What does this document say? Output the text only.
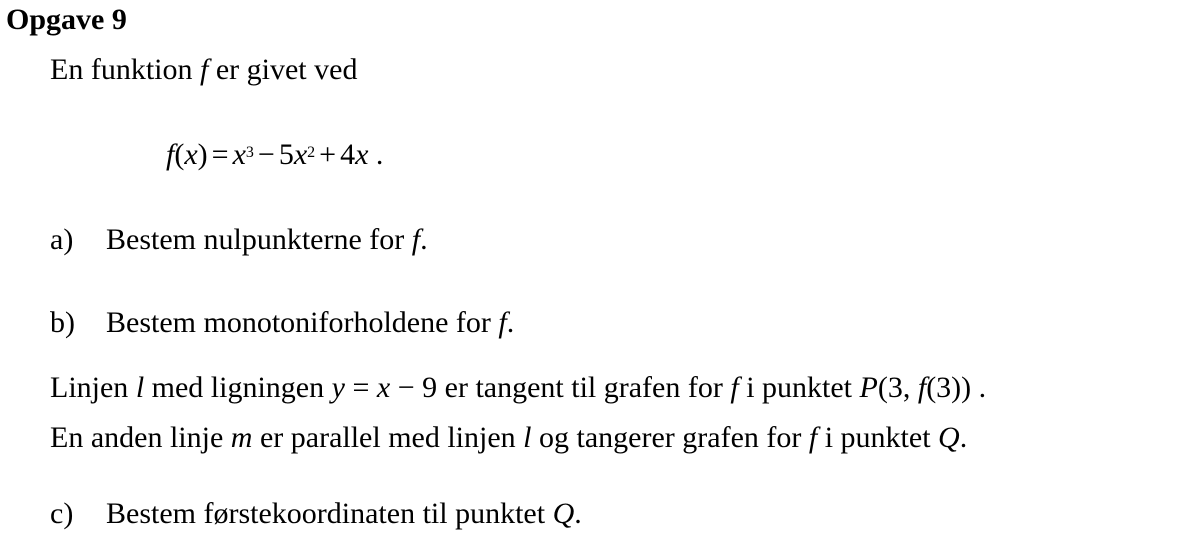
Opgave 9
En funktion f er givet ved
$f(x) = x^3 - 5x^2 + 4x$ .
a) Bestem nulpunkterne for f.
b) Bestem monotoniforholdene for f.
Linjen l med ligningen y = x − 9 er tangent til grafen for f i punktet P(3, f(3)) .
En anden linje m er parallel med linjen l og tangerer grafen for f i punktet Q.
c) Bestem førstekoordinaten til punktet Q.
